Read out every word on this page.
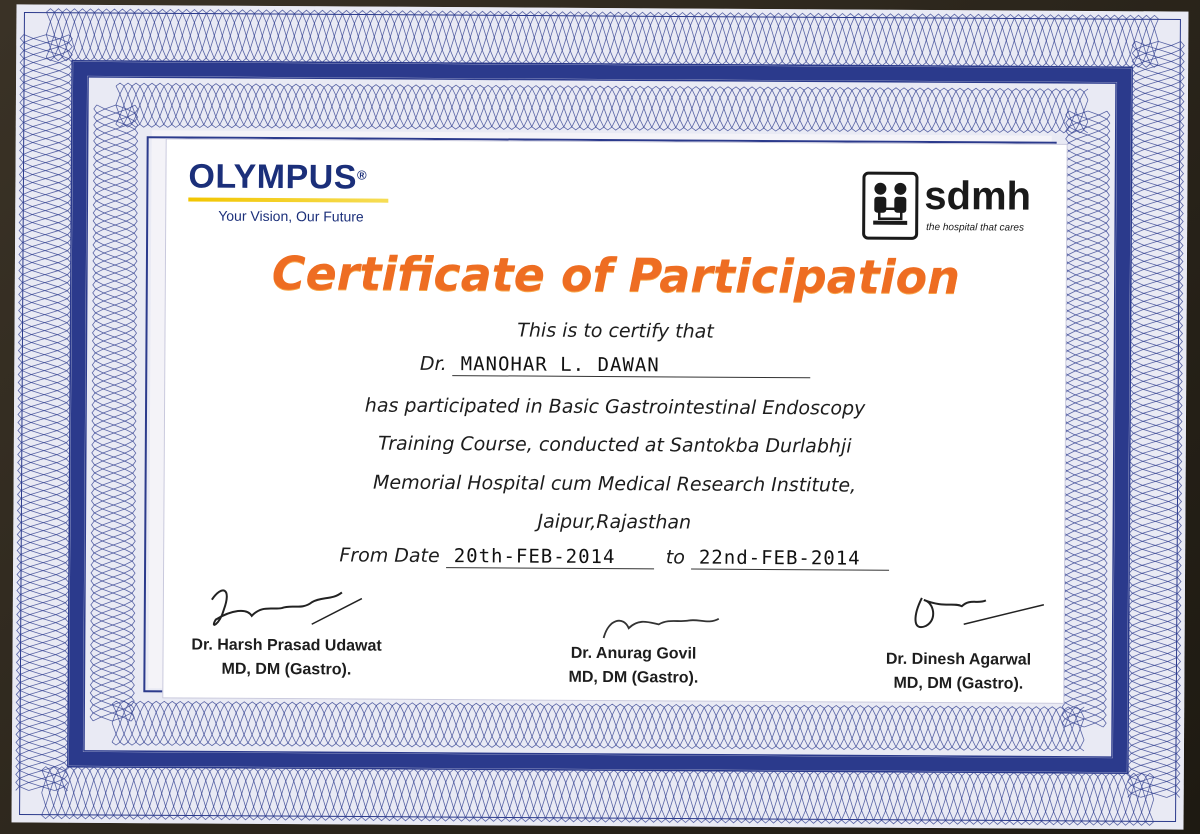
OLYMPUS®
Your Vision, Our Future	sdmh
the hospital that cares
Certificate of Participation
This is to certify that
Dr. MANOHAR L. DAWAN
has participated in Basic Gastrointestinal Endoscopy
Training Course, conducted at Santokba Durlabhji
Memorial Hospital cum Medical Research Institute,
Jaipur,Rajasthan
From Date 20th-FEB-2014	to 22nd-FEB-2014
Dr. Harsh Prasad Udawat
MD, DM (Gastro).
Dr. Anurag Govil
MD, DM (Gastro).
Dr. Dinesh Agarwal
MD, DM (Gastro).
